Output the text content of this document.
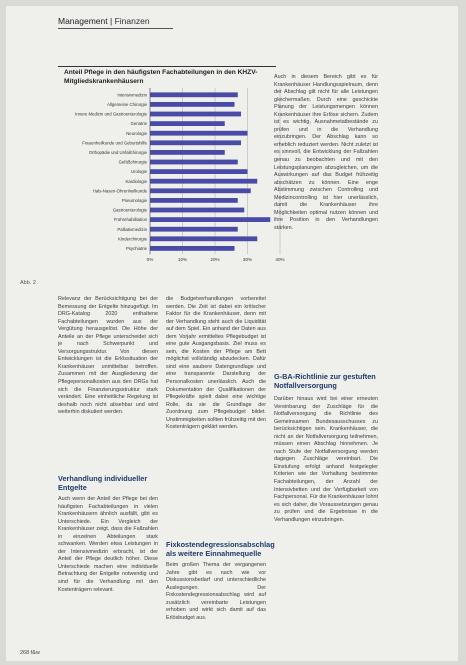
Management | Finanzen
Anteil Pflege in den häufigsten Fachabteilungen in den KHZV-Mitgliedskrankenhäusern
0%	10%	20%	30%	40%
Intensivmedizin
Allgemeine Chirurgie
Innere Medizin und Gastroenterologie
Geriatrie
Neurologie
Frauenheilkunde und Geburtshilfe
Orthopädie und Unfallchirurgie
Gefäßchirurgie
Urologie
Kardiologie
Hals-Nasen-Ohrenheilkunde
Pneumologie
Gastroenterologie
Frührehabilitation
Palliativmedizin
Kinderchirurgie
Psychiatrie
Abb. 2

Relevanz der Berücksichtigung bei der Bemessung der Entgelte hinzugefügt. Im DRG-Katalog 2020 enthaltene Fachabteilungen wurden aus der Vergütung herausgelöst. Die Höhe der Anteile an der Pflege unterscheidet sich je nach Schwerpunkt und Versorgungsstruktur. Von diesen Entwicklungen ist die Erlössituation der Krankenhäuser unmittelbar betroffen. Zusammen mit der Ausgliederung der Pflegepersonalkosten aus den DRGs hat sich die Finanzierungsstruktur stark verändert. Eine einheitliche Regelung ist deshalb noch nicht absehbar und wird weiterhin diskutiert werden.

Verhandlung individueller Entgelte

Auch wenn der Anteil der Pflege bei den häufigsten Fachabteilungen in vielen Krankenhäusern ähnlich ausfällt, gibt es Unterschiede. Ein Vergleich der Krankenhäuser zeigt, dass die Fallzahlen in einzelnen Abteilungen stark schwanken. Werden etwa Leistungen in der Intensivmedizin erbracht, ist der Anteil der Pflege deutlich höher. Diese Unterschiede machen eine individuelle Betrachtung der Entgelte notwendig und sind für die Verhandlung mit den Kostenträgern relevant.

die Budgetverhandlungen vorbereitet werden. Die Zeit ist dabei ein kritischer Faktor für die Krankenhäuser, denn mit der Verhandlung steht auch die Liquidität auf dem Spiel. Ein anhand der Daten aus dem Vorjahr ermitteltes Pflegebudget ist eine gute Ausgangsbasis. Ziel muss es sein, die Kosten der Pflege am Bett möglichst vollständig abzudecken. Dafür sind eine saubere Datengrundlage und eine transparente Darstellung der Personalkosten unerlässlich. Auch die Dokumentation der Qualifikationen der Pflegekräfte spielt dabei eine wichtige Rolle, da sie die Grundlage der Zuordnung zum Pflegebudget bildet. Unstimmigkeiten sollten frühzeitig mit den Kostenträgern geklärt werden.

Fixkostendegressionsabschlag als weitere Einnahmequelle

Beim großen Thema der vergangenen Jahre gibt es nach wie vor Diskussionsbedarf und unterschiedliche Auslegungen. Der Fixkostendegressionsabschlag wird auf zusätzlich vereinbarte Leistungen erhoben und wirkt sich damit auf das Erlösbudget aus.

Auch in diesem Bereich gibt es für Krankenhäuser Handlungsspielraum, denn der Abschlag gilt nicht für alle Leistungen gleichermaßen. Durch eine geschickte Planung der Leistungsmengen können Krankenhäuser ihre Erlöse sichern. Zudem ist es wichtig, Ausnahmetatbestände zu prüfen und in die Verhandlung einzubringen. Der Abschlag kann so erheblich reduziert werden. Nicht zuletzt ist es sinnvoll, die Entwicklung der Fallzahlen genau zu beobachten und mit den Leistungsplanungen abzugleichen, um die Auswirkungen auf das Budget frühzeitig abschätzen zu können. Eine enge Abstimmung zwischen Controlling und Medizincontrolling ist hier unerlässlich, damit die Krankenhäuser ihre Möglichkeiten optimal nutzen können und ihre Position in den Verhandlungen stärken.

G-BA-Richtlinie zur gestuften Notfallversorgung

Darüber hinaus wird bei einer erneuten Vereinbarung der Zuschläge für die Notfallversorgung die Richtlinie des Gemeinsamen Bundesausschusses zu berücksichtigen sein. Krankenhäuser, die nicht an der Notfallversorgung teilnehmen, müssen einen Abschlag hinnehmen. Je nach Stufe der Notfallversorgung werden dagegen Zuschläge vereinbart. Die Einstufung erfolgt anhand festgelegter Kriterien wie der Vorhaltung bestimmter Fachabteilungen, der Anzahl der Intensivbetten und der Verfügbarkeit von Fachpersonal. Für die Krankenhäuser lohnt es sich daher, die Voraussetzungen genau zu prüfen und die Ergebnisse in die Verhandlungen einzubringen.

268 f&w
